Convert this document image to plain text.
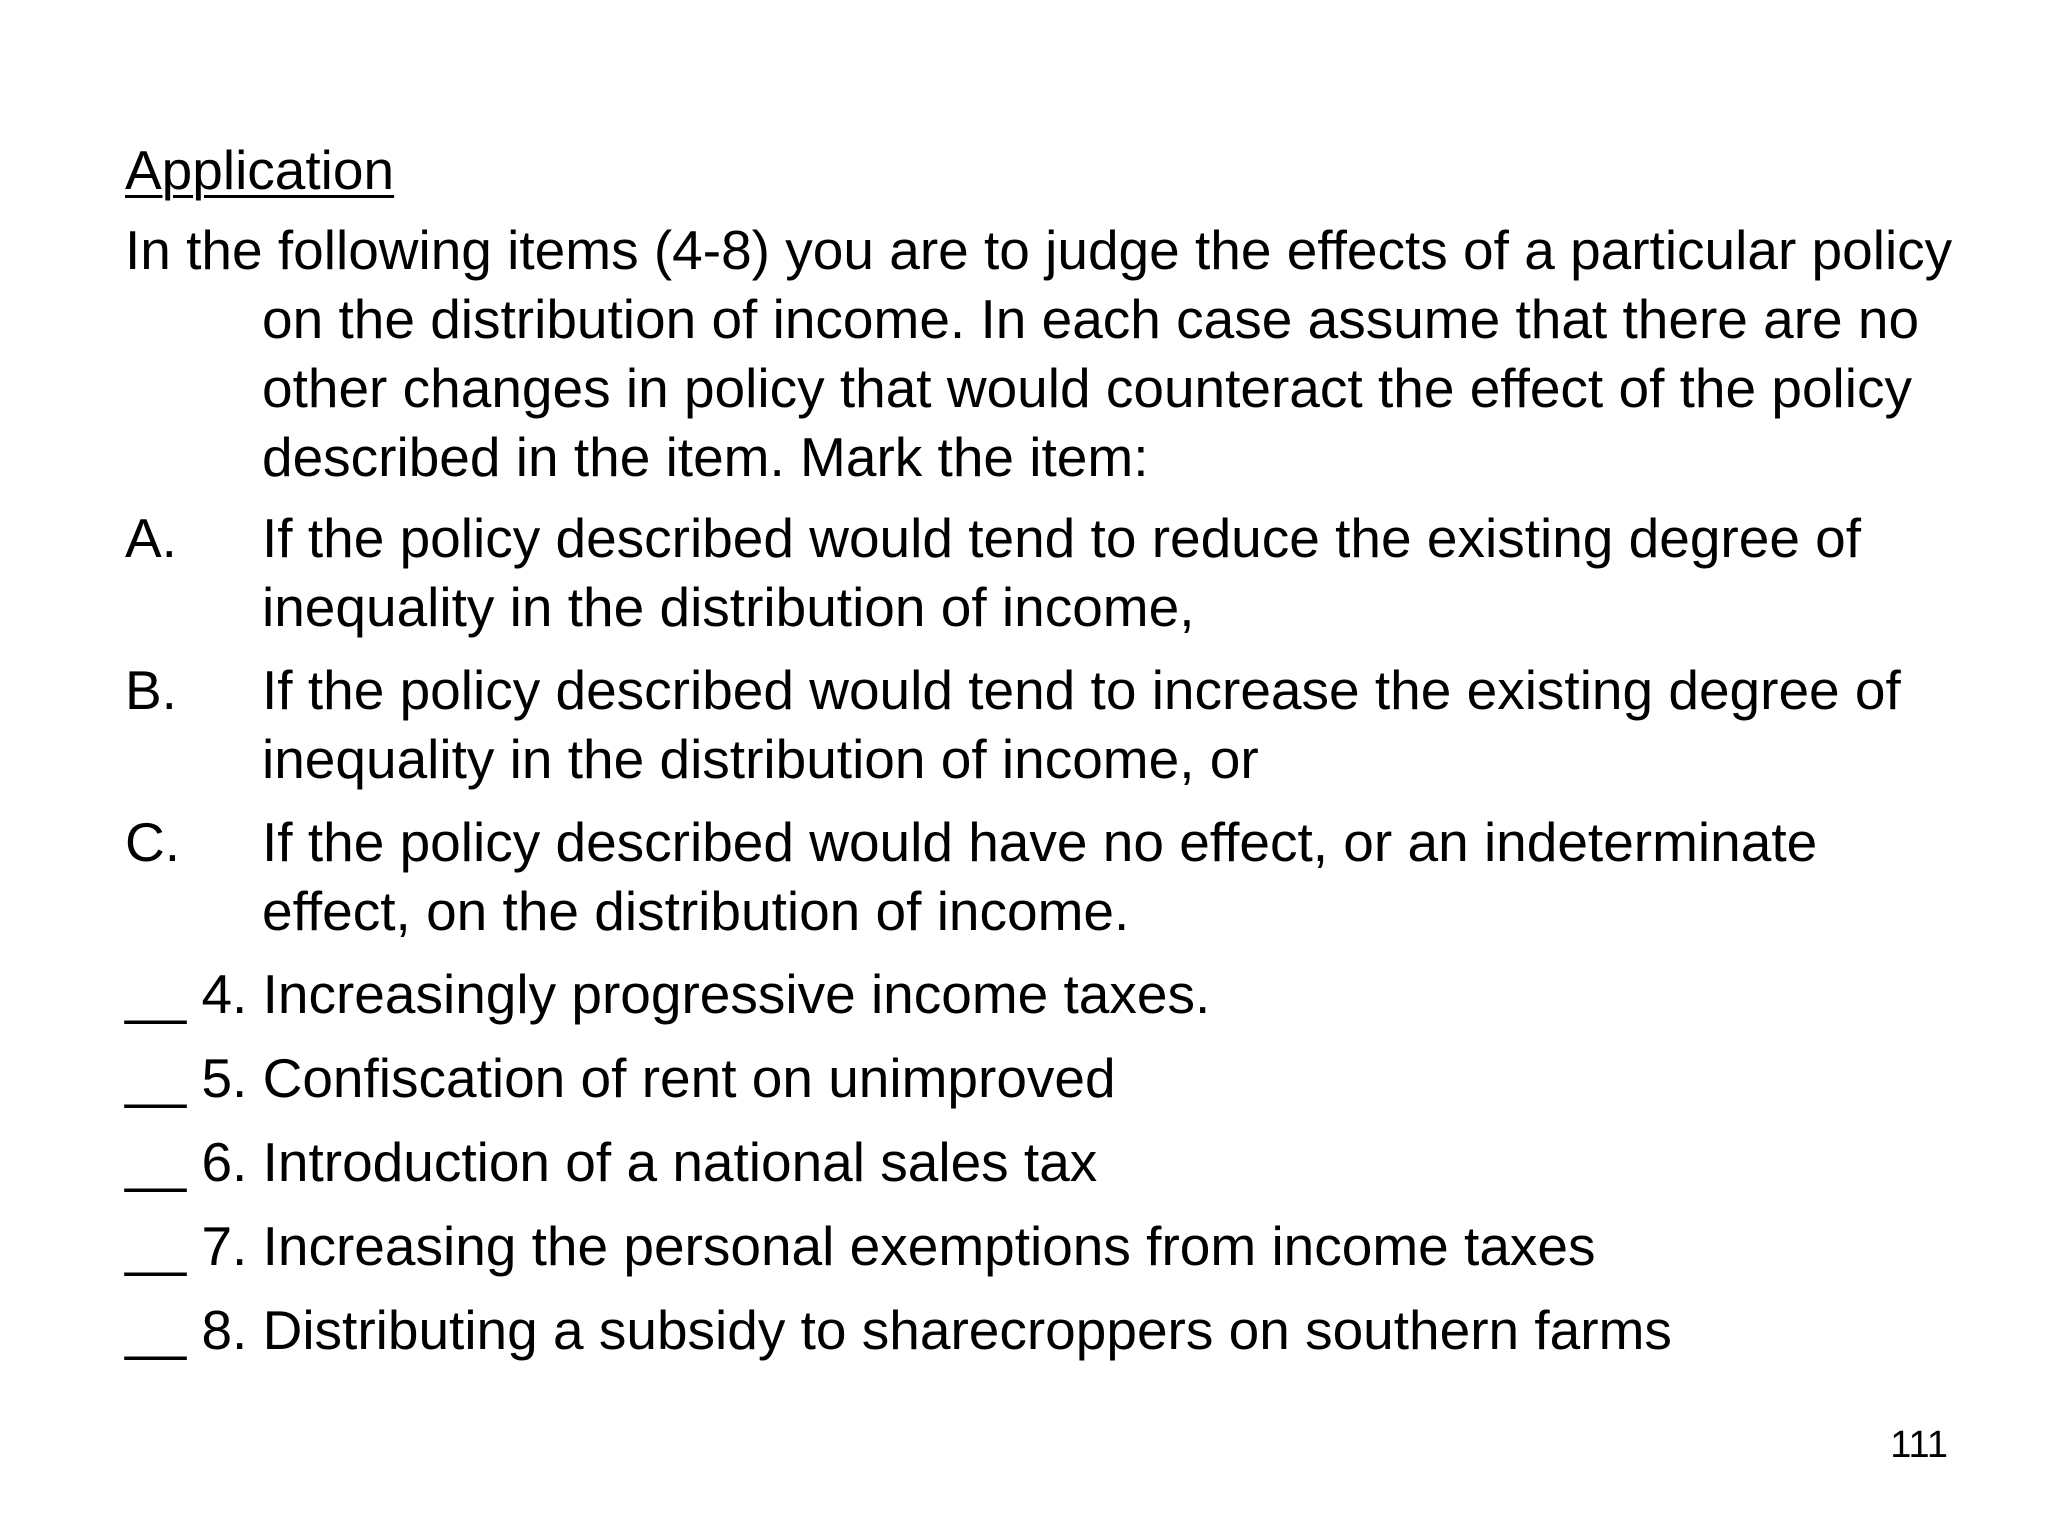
Application
In the following items (4-8) you are to judge the effects of a particular policy on the distribution of income. In each case assume that there are no other changes in policy that would counteract the effect of the policy described in the item. Mark the item:
A.	If the policy described would tend to reduce the existing degree of inequality in the distribution of income,
B.	If the policy described would tend to increase the existing degree of inequality in the distribution of income, or
C.	If the policy described would have no effect, or an indeterminate effect, on the distribution of income.
__ 4. Increasingly progressive income taxes.
__ 5. Confiscation of rent on unimproved
__ 6. Introduction of a national sales tax
__ 7. Increasing the personal exemptions from income taxes
__ 8. Distributing a subsidy to sharecroppers on southern farms
111
